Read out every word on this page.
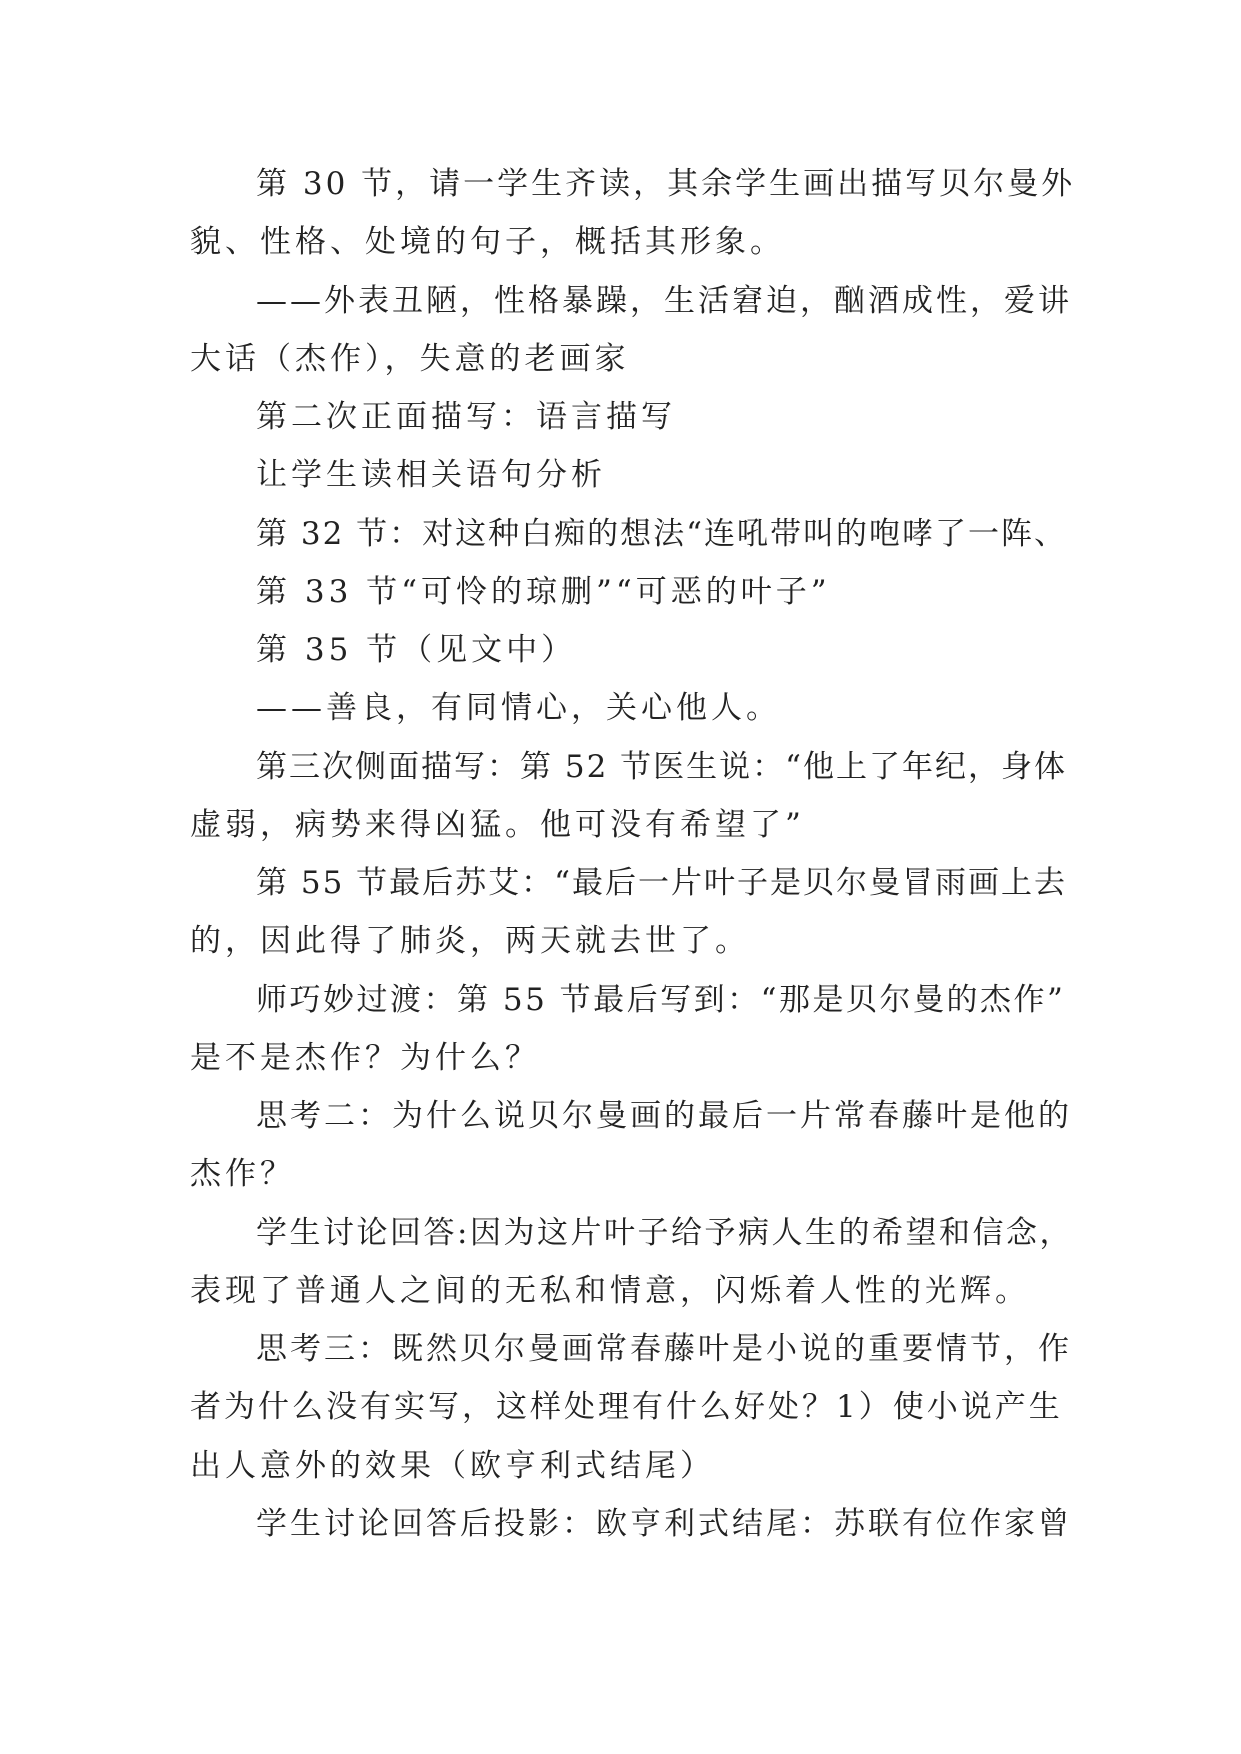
第 30 节，请一学生齐读，其余学生画出描写贝尔曼外
貌、性格、处境的句子，概括其形象。
——外表丑陋，性格暴躁，生活窘迫，酗酒成性，爱讲
大话（杰作），失意的老画家
第二次正面描写：语言描写
让学生读相关语句分析
第 32 节：对这种白痴的想法“连吼带叫的咆哮了一阵、
第 33 节“可怜的琼删”“可恶的叶子”
第 35 节（见文中）
——善良，有同情心，关心他人。
第三次侧面描写：第 52 节医生说：“他上了年纪，身体
虚弱，病势来得凶猛。他可没有希望了”
第 55 节最后苏艾：“最后一片叶子是贝尔曼冒雨画上去
的，因此得了肺炎，两天就去世了。
师巧妙过渡：第 55 节最后写到：“那是贝尔曼的杰作”
是不是杰作？为什么？
思考二：为什么说贝尔曼画的最后一片常春藤叶是他的
杰作？
学生讨论回答:因为这片叶子给予病人生的希望和信念，
表现了普通人之间的无私和情意，闪烁着人性的光辉。
思考三：既然贝尔曼画常春藤叶是小说的重要情节，作
者为什么没有实写，这样处理有什么好处？1）使小说产生
出人意外的效果（欧亨利式结尾）
学生讨论回答后投影：欧亨利式结尾：苏联有位作家曾
